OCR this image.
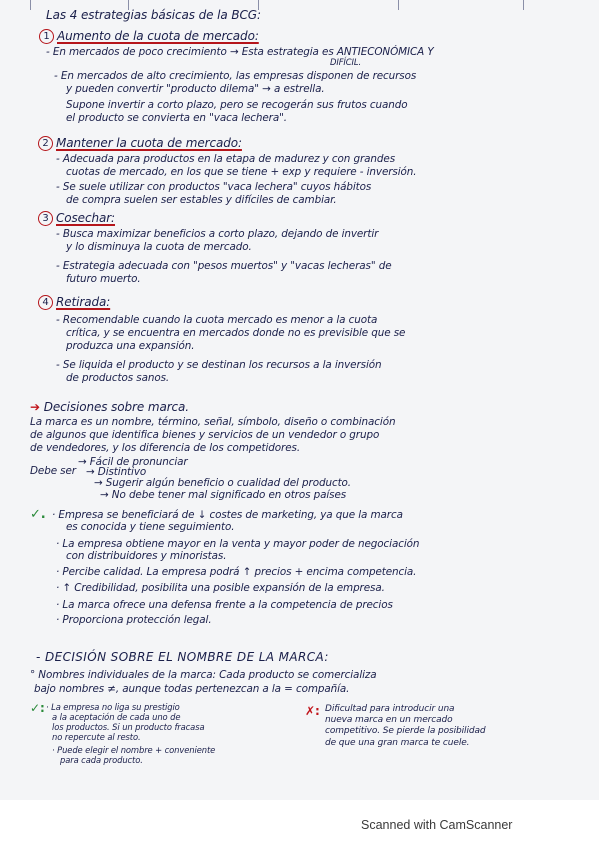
Las 4 estrategias básicas de la BCG:
1 Aumento de la cuota de mercado:
- En mercados de poco crecimiento → Esta estrategia es ANTIECONÓMICA Y
DIFÍCIL.
- En mercados de alto crecimiento, las empresas disponen de recursos
y pueden convertir "producto dilema" → a estrella.
Supone invertir a corto plazo, pero se recogerán sus frutos cuando
el producto se convierta en "vaca lechera".
2 Mantener la cuota de mercado:
- Adecuada para productos en la etapa de madurez y con grandes
cuotas de mercado, en los que se tiene + exp y requiere - inversión.
- Se suele utilizar con productos "vaca lechera" cuyos hábitos
de compra suelen ser estables y difíciles de cambiar.
3 Cosechar:
- Busca maximizar beneficios a corto plazo, dejando de invertir
y lo disminuya la cuota de mercado.
- Estrategia adecuada con "pesos muertos" y "vacas lecheras" de
futuro muerto.
4 Retirada:
- Recomendable cuando la cuota mercado es menor a la cuota
crítica, y se encuentra en mercados donde no es previsible que se
produzca una expansión.
- Se liquida el producto y se destinan los recursos a la inversión
de productos sanos.
➔ Decisiones sobre marca.
La marca es un nombre, término, señal, símbolo, diseño o combinación
de algunos que identifica bienes y servicios de un vendedor o grupo
de vendedores, y los diferencia de los competidores.
Debe ser
→ Fácil de pronunciar
→ Distintivo
→ Sugerir algún beneficio o cualidad del producto.
→ No debe tener mal significado en otros países
✓. · Empresa se beneficiará de ↓ costes de marketing, ya que la marca
es conocida y tiene seguimiento.
· La empresa obtiene mayor en la venta y mayor poder de negociación
con distribuidores y minoristas.
· Percibe calidad. La empresa podrá ↑ precios + encima competencia.
· ↑ Credibilidad, posibilita una posible expansión de la empresa.
· La marca ofrece una defensa frente a la competencia de precios
· Proporciona protección legal.
- DECISIÓN SOBRE EL NOMBRE DE LA MARCA:
° Nombres individuales de la marca: Cada producto se comercializa
bajo nombres ≠, aunque todas pertenezcan a la = compañía.
✓: · La empresa no liga su prestigio
a la aceptación de cada uno de
los productos. Si un producto fracasa
no repercute al resto.
· Puede elegir el nombre + conveniente
para cada producto.
✗: Dificultad para introducir una
nueva marca en un mercado
competitivo. Se pierde la posibilidad
de que una gran marca te cuele.
Scanned with CamScanner
